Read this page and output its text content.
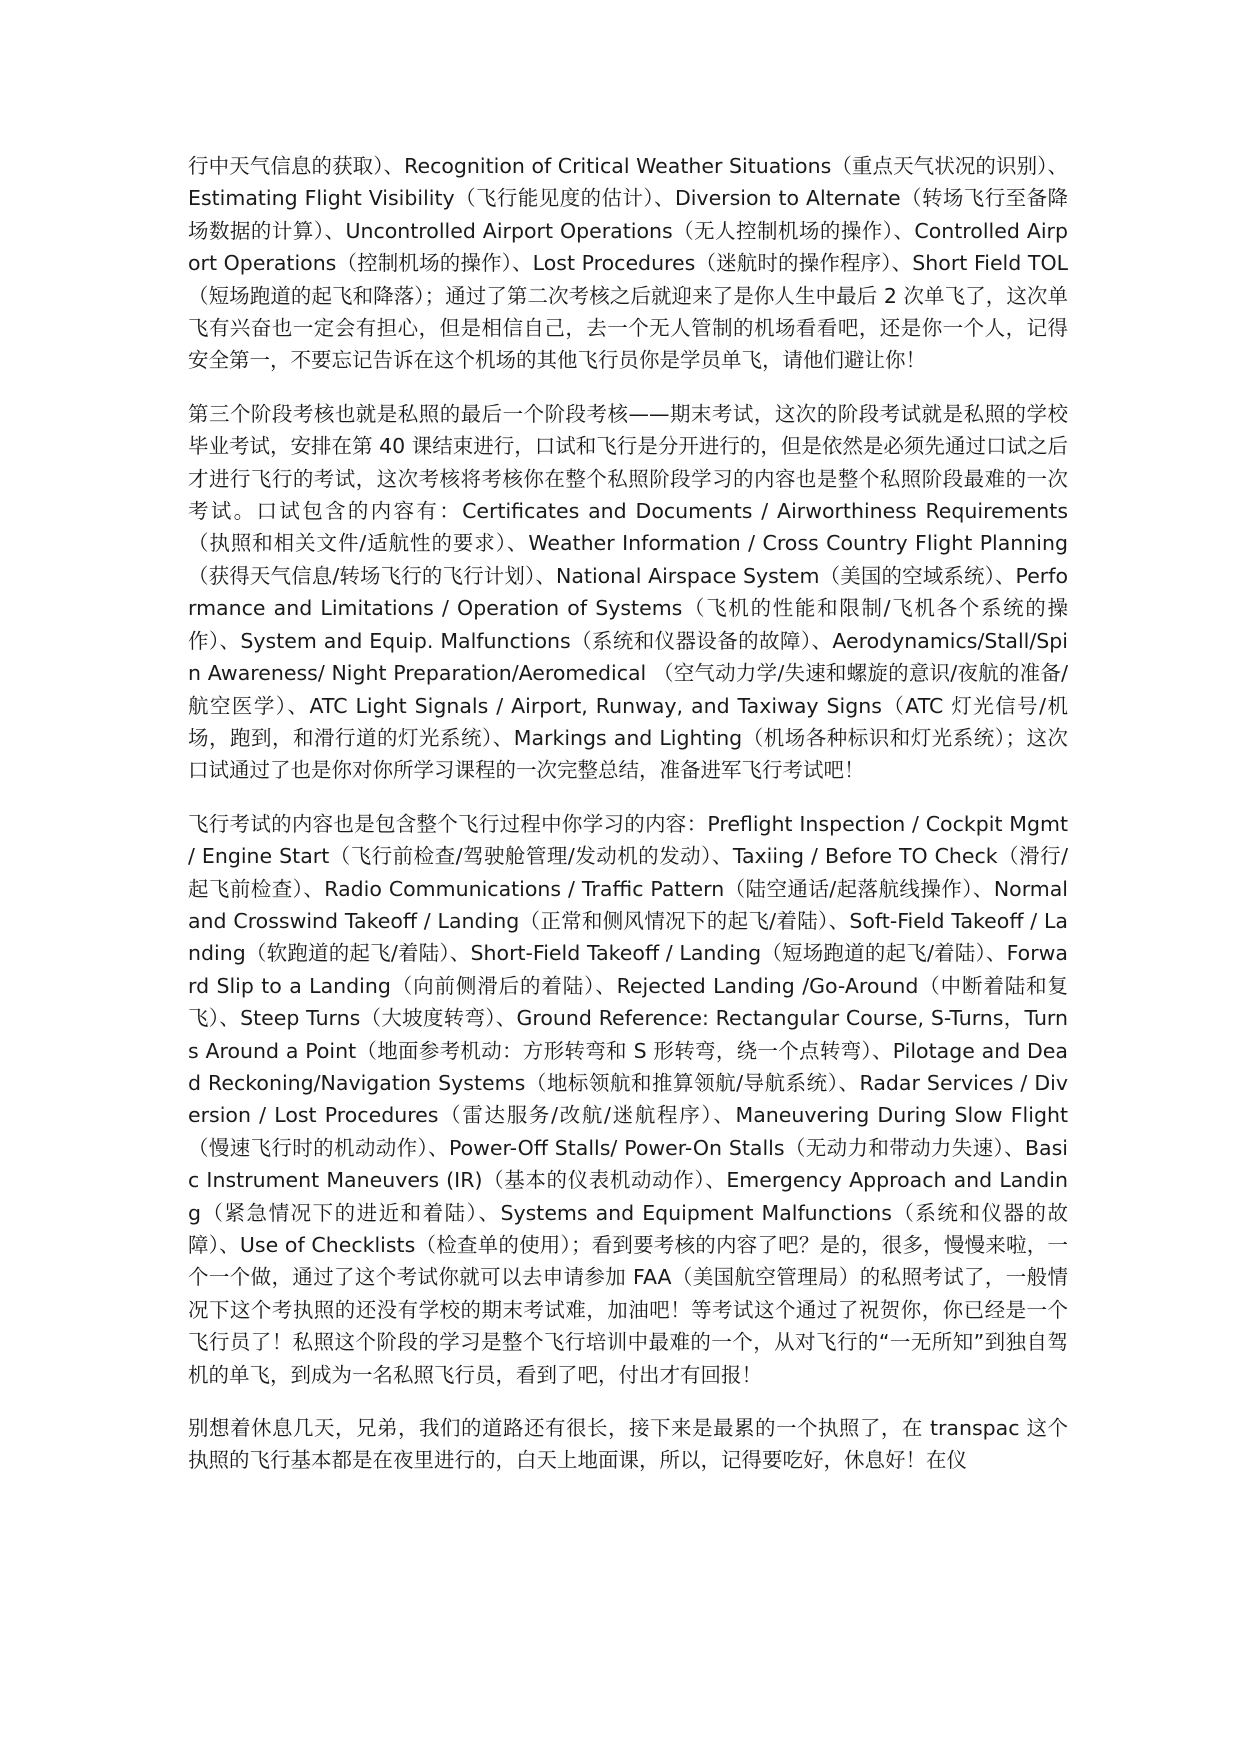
行中天气信息的获取）、Recognition of Critical Weather Situations（重点天气状况的识别）、Estimating Flight Visibility（飞行能见度的估计）、Diversion to Alternate（转场飞行至备降场数据的计算）、Uncontrolled Airport Operations（无人控制机场的操作）、Controlled Airport Operations（控制机场的操作）、Lost Procedures（迷航时的操作程序）、Short Field TOL（短场跑道的起飞和降落）；通过了第二次考核之后就迎来了是你人生中最后 2 次单飞了，这次单飞有兴奋也一定会有担心，但是相信自己，去一个无人管制的机场看看吧，还是你一个人，记得安全第一，不要忘记告诉在这个机场的其他飞行员你是学员单飞，请他们避让你！

第三个阶段考核也就是私照的最后一个阶段考核——期末考试，这次的阶段考试就是私照的学校毕业考试，安排在第 40 课结束进行，口试和飞行是分开进行的，但是依然是必须先通过口试之后才进行飞行的考试，这次考核将考核你在整个私照阶段学习的内容也是整个私照阶段最难的一次考试。口试包含的内容有：Certificates and Documents / Airworthiness Requirements（执照和相关文件/适航性的要求）、Weather Information / Cross Country Flight Planning（获得天气信息/转场飞行的飞行计划）、National Airspace System（美国的空域系统）、Performance and Limitations / Operation of Systems（飞机的性能和限制/飞机各个系统的操作）、System and Equip. Malfunctions（系统和仪器设备的故障）、Aerodynamics/Stall/Spin Awareness/ Night Preparation/Aeromedical （空气动力学/失速和螺旋的意识/夜航的准备/航空医学）、ATC Light Signals / Airport, Runway, and Taxiway Signs（ATC 灯光信号/机场，跑到，和滑行道的灯光系统）、Markings and Lighting（机场各种标识和灯光系统）；这次口试通过了也是你对你所学习课程的一次完整总结，准备进军飞行考试吧！

飞行考试的内容也是包含整个飞行过程中你学习的内容：Preflight Inspection / Cockpit Mgmt / Engine Start（飞行前检查/驾驶舱管理/发动机的发动）、Taxiing / Before TO Check（滑行/起飞前检查）、Radio Communications / Traffic Pattern（陆空通话/起落航线操作）、Normal and Crosswind Takeoff / Landing（正常和侧风情况下的起飞/着陆）、Soft-Field Takeoff / Landing（软跑道的起飞/着陆）、Short-Field Takeoff / Landing（短场跑道的起飞/着陆）、Forward Slip to a Landing（向前侧滑后的着陆）、Rejected Landing /Go-Around（中断着陆和复飞）、Steep Turns（大坡度转弯）、Ground Reference: Rectangular Course, S-Turns，Turns Around a Point（地面参考机动：方形转弯和 S 形转弯，绕一个点转弯）、Pilotage and Dead Reckoning/Navigation Systems（地标领航和推算领航/导航系统）、Radar Services / Diversion / Lost Procedures（雷达服务/改航/迷航程序）、Maneuvering During Slow Flight（慢速飞行时的机动动作）、Power-Off Stalls/ Power-On Stalls（无动力和带动力失速）、Basic Instrument Maneuvers (IR)（基本的仪表机动动作）、Emergency Approach and Landing（紧急情况下的进近和着陆）、Systems and Equipment Malfunctions（系统和仪器的故障）、Use of Checklists（检查单的使用）；看到要考核的内容了吧？是的，很多，慢慢来啦，一个一个做，通过了这个考试你就可以去申请参加 FAA（美国航空管理局）的私照考试了，一般情况下这个考执照的还没有学校的期末考试难，加油吧！等考试这个通过了祝贺你，你已经是一个飞行员了！私照这个阶段的学习是整个飞行培训中最难的一个，从对飞行的“一无所知”到独自驾机的单飞，到成为一名私照飞行员，看到了吧，付出才有回报！

别想着休息几天，兄弟，我们的道路还有很长，接下来是最累的一个执照了，在 transpac 这个执照的飞行基本都是在夜里进行的，白天上地面课，所以，记得要吃好，休息好！在仪
